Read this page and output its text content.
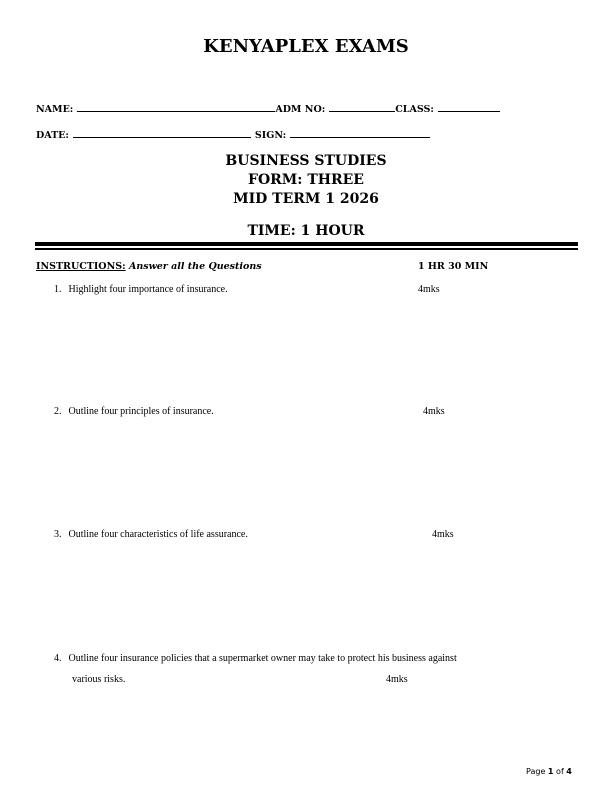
KENYAPLEX EXAMS
NAME:	ADM NO:	CLASS:
DATE:	SIGN:
BUSINESS STUDIES
FORM: THREE
MID TERM 1 2026
TIME: 1 HOUR
INSTRUCTIONS: Answer all the Questions	1 HR 30 MIN
1. Highlight four importance of insurance.	4mks
2. Outline four principles of insurance.	4mks
3. Outline four characteristics of life assurance.	4mks
4. Outline four insurance policies that a supermarket owner may take to protect his business against
various risks.	4mks
Page 1 of 4
